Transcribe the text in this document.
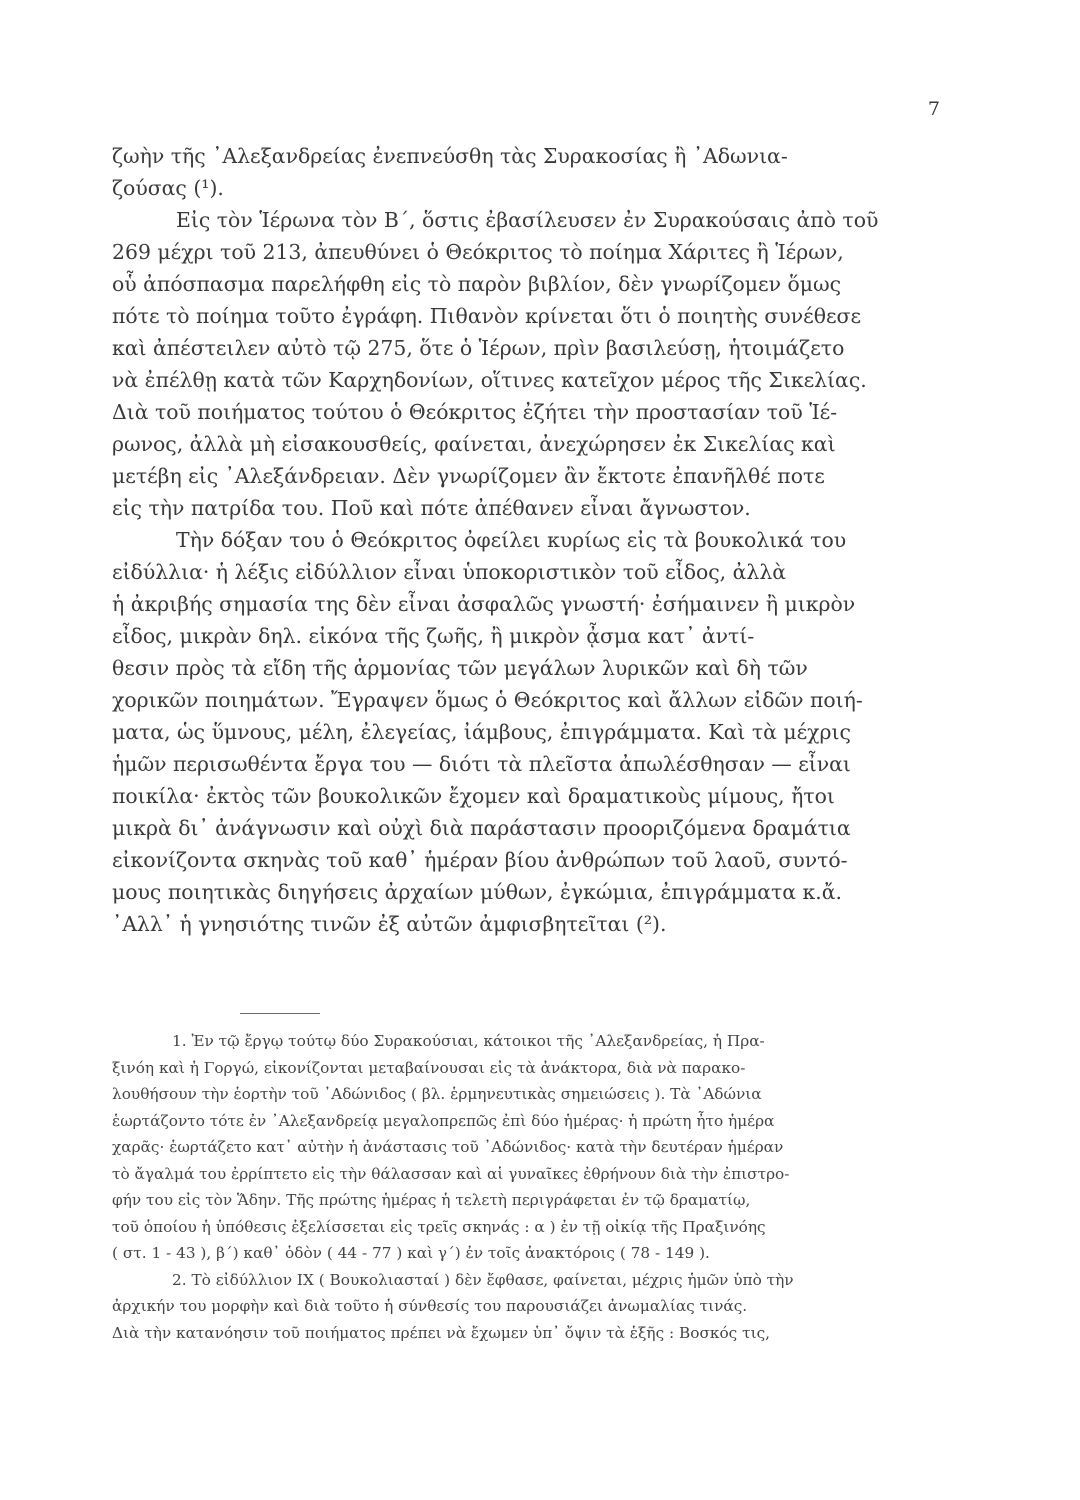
7
ζωὴν τῆς ᾿Αλεξανδρείας ἐνεπνεύσθη τὰς Συρακοσίας ἢ ᾿Αδωνια-
ζούσας (¹).
Εἰς τὸν Ἱέρωνα τὸν Β΄, ὅστις ἐβασίλευσεν ἐν Συρακούσαις ἀπὸ τοῦ
269 μέχρι τοῦ 213, ἀπευθύνει ὁ Θεόκριτος τὸ ποίημα Χάριτες ἢ Ἱέρων,
οὗ ἀπόσπασμα παρελήφθη εἰς τὸ παρὸν βιβλίον, δὲν γνωρίζομεν ὅμως
πότε τὸ ποίημα τοῦτο ἐγράφη. Πιθανὸν κρίνεται ὅτι ὁ ποιητὴς συνέθεσε
καὶ ἀπέστειλεν αὐτὸ τῷ 275, ὅτε ὁ Ἱέρων, πρὶν βασιλεύσῃ, ἡτοιμάζετο
νὰ ἐπέλθῃ κατὰ τῶν Καρχηδονίων, οἵτινες κατεῖχον μέρος τῆς Σικελίας.
Διὰ τοῦ ποιήματος τούτου ὁ Θεόκριτος ἐζήτει τὴν προστασίαν τοῦ Ἱέ-
ρωνος, ἀλλὰ μὴ εἰσακουσθείς, φαίνεται, ἀνεχώρησεν ἐκ Σικελίας καὶ
μετέβη εἰς ᾿Αλεξάνδρειαν. Δὲν γνωρίζομεν ἂν ἔκτοτε ἐπανῆλθέ ποτε
εἰς τὴν πατρίδα του. Ποῦ καὶ πότε ἀπέθανεν εἶναι ἄγνωστον.
Τὴν δόξαν του ὁ Θεόκριτος ὀφείλει κυρίως εἰς τὰ βουκολικά του
εἰδύλλια· ἡ λέξις εἰδύλλιον εἶναι ὑποκοριστικὸν τοῦ εἶδος, ἀλλὰ
ἡ ἀκριβής σημασία της δὲν εἶναι ἀσφαλῶς γνωστή· ἐσήμαινεν ἢ μικρὸν
εἶδος, μικρὰν δηλ. εἰκόνα τῆς ζωῆς, ἢ μικρὸν ᾆσμα κατ᾿ ἀντί-
θεσιν πρὸς τὰ εἴδη τῆς ἁρμονίας τῶν μεγάλων λυρικῶν καὶ δὴ τῶν
χορικῶν ποιημάτων. Ἔγραψεν ὅμως ὁ Θεόκριτος καὶ ἄλλων εἰδῶν ποιή-
ματα, ὡς ὕμνους, μέλη, ἐλεγείας, ἰάμβους, ἐπιγράμματα. Καὶ τὰ μέχρις
ἡμῶν περισωθέντα ἔργα του — διότι τὰ πλεῖστα ἀπωλέσθησαν — εἶναι
ποικίλα· ἐκτὸς τῶν βουκολικῶν ἔχομεν καὶ δραματικοὺς μίμους, ἤτοι
μικρὰ δι᾿ ἀνάγνωσιν καὶ οὐχὶ διὰ παράστασιν προοριζόμενα δραμάτια
εἰκονίζοντα σκηνὰς τοῦ καθ᾿ ἡμέραν βίου ἀνθρώπων τοῦ λαοῦ, συντό-
μους ποιητικὰς διηγήσεις ἀρχαίων μύθων, ἐγκώμια, ἐπιγράμματα κ.ἄ.
᾿Αλλ᾿ ἡ γνησιότης τινῶν ἐξ αὐτῶν ἀμφισβητεῖται (²).
1. Ἐν τῷ ἔργῳ τούτῳ δύο Συρακούσιαι, κάτοικοι τῆς ᾿Αλεξανδρείας, ἡ Πρα-
ξινόη καὶ ἡ Γοργώ, εἰκονίζονται μεταβαίνουσαι εἰς τὰ ἀνάκτορα, διὰ νὰ παρακο-
λουθήσουν τὴν ἑορτὴν τοῦ ᾿Αδώνιδος ( βλ. ἑρμηνευτικὰς σημειώσεις ). Τὰ ᾿Αδώνια
ἑωρτάζοντο τότε ἐν ᾿Αλεξανδρείᾳ μεγαλοπρεπῶς ἐπὶ δύο ἡμέρας· ἡ πρώτη ἦτο ἡμέρα
χαρᾶς· ἑωρτάζετο κατ᾿ αὐτὴν ἡ ἀνάστασις τοῦ ᾿Αδώνιδος· κατὰ τὴν δευτέραν ἡμέραν
τὸ ἄγαλμά του ἐρρίπτετο εἰς τὴν θάλασσαν καὶ αἱ γυναῖκες ἐθρήνουν διὰ τὴν ἐπιστρο-
φήν του εἰς τὸν Ἅδην. Τῆς πρώτης ἡμέρας ἡ τελετὴ περιγράφεται ἐν τῷ δραματίῳ,
τοῦ ὁποίου ἡ ὑπόθεσις ἐξελίσσεται εἰς τρεῖς σκηνάς : α ) ἐν τῇ οἰκίᾳ τῆς Πραξινόης
( στ. 1 - 43 ), β΄) καθ᾿ ὁδὸν ( 44 - 77 ) καὶ γ΄) ἐν τοῖς ἀνακτόροις ( 78 - 149 ).
2. Τὸ εἰδύλλιον IX ( Βουκολιασταί ) δὲν ἔφθασε, φαίνεται, μέχρις ἡμῶν ὑπὸ τὴν
ἀρχικήν του μορφὴν καὶ διὰ τοῦτο ἡ σύνθεσίς του παρουσιάζει ἀνωμαλίας τινάς.
Διὰ τὴν κατανόησιν τοῦ ποιήματος πρέπει νὰ ἔχωμεν ὑπ᾿ ὄψιν τὰ ἑξῆς : Βοσκός τις,
